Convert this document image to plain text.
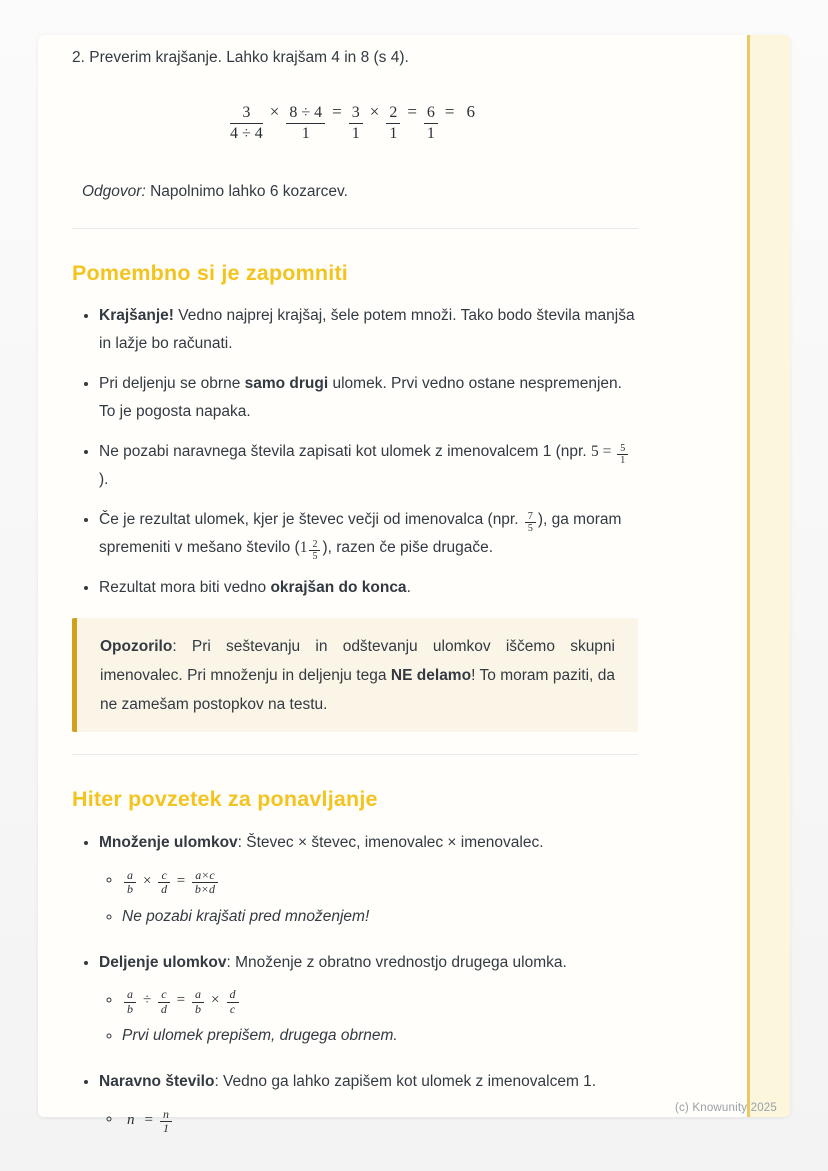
2. Preverim krajšanje. Lahko krajšam 4 in 8 (s 4).
$\frac{3}{4 \div 4} \times \frac{8 \div 4}{1} = \frac{3}{1} \times \frac{2}{1} = \frac{6}{1} = 6$
Odgovor: Napolnimo lahko 6 kozarcev.
Pomembno si je zapomniti
• Krajšanje! Vedno najprej krajšaj, šele potem množi. Tako bodo števila manjša in lažje bo računati.
• Pri deljenju se obrne samo drugi ulomek. Prvi vedno ostane nespremenjen. To je pogosta napaka.
• Ne pozabi naravnega števila zapisati kot ulomek z imenovalcem 1 (npr. $5 = \frac{5}{1}$
).
• Če je rezultat ulomek, kjer je števec večji od imenovalca (npr. $\frac{7}{5}$ ), ga moram spremeniti v mešano število ($1 \frac{2}{5}$ ), razen če piše drugače.
• Rezultat mora biti vedno okrajšan do konca.

Opozorilo: Pri seštevanju in odštevanju ulomkov iščemo skupni imenovalec. Pri množenju in deljenju tega NE delamo! To moram paziti, da ne zamešam postopkov na testu.

Hiter povzetek za ponavljanje
• Množenje ulomkov: Števec × števec, imenovalec × imenovalec.
◦ $\frac{a}{b} \times \frac{c}{d} = \frac{a\times c}{b\times d}$
◦ Ne pozabi krajšati pred množenjem!
• Deljenje ulomkov: Množenje z obratno vrednostjo drugega ulomka.
◦ $\frac{a}{b} \div \frac{c}{d} = \frac{a}{b} \times \frac{d}{c}$
◦ Prvi ulomek prepišem, drugega obrnem.
• Naravno število: Vedno ga lahko zapišem kot ulomek z imenovalcem 1.
◦ $n = \frac{n}{1}$	(c) Knowunity 2025
